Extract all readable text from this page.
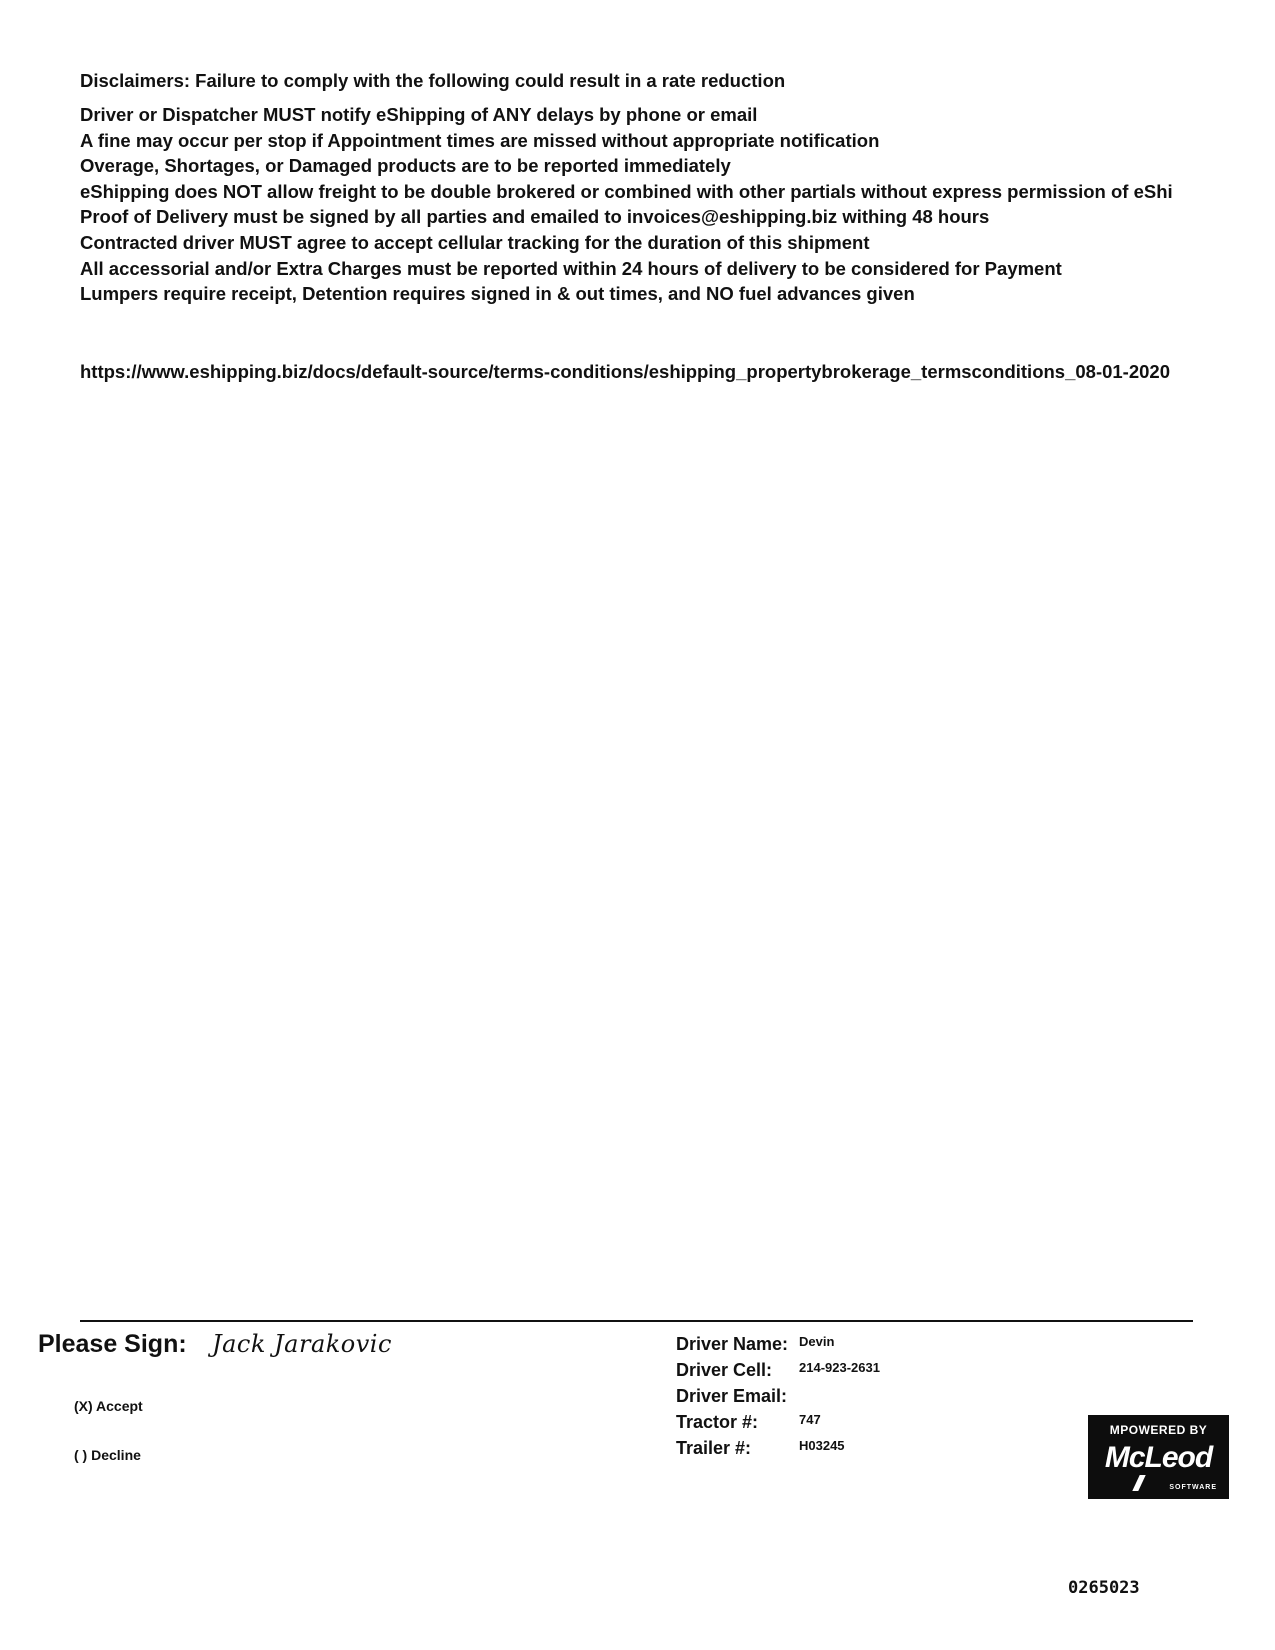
Disclaimers: Failure to comply with the following could result in a rate reduction
Driver or Dispatcher MUST notify eShipping of ANY delays by phone or email
A fine may occur per stop if Appointment times are missed without appropriate notification
Overage, Shortages, or Damaged products are to be reported immediately
eShipping does NOT allow freight to be double brokered or combined with other partials without express permission of eShi
Proof of Delivery must be signed by all parties and emailed to invoices@eshipping.biz withing 48 hours
Contracted driver MUST agree to accept cellular tracking for the duration of this shipment
All accessorial and/or Extra Charges must be reported within 24 hours of delivery to be considered for Payment
Lumpers require receipt, Detention requires signed in & out times, and NO fuel advances given
https://www.eshipping.biz/docs/default-source/terms-conditions/eshipping_propertybrokerage_termsconditions_08-01-2020
Please Sign: Jack Jarakovic
(X) Accept
( ) Decline
Driver Name: Devin
Driver Cell: 214-923-2631
Driver Email:
Tractor #:	747
Trailer #:	H03245
MPOWERED BY
McLeod
SOFTWARE
0265023
